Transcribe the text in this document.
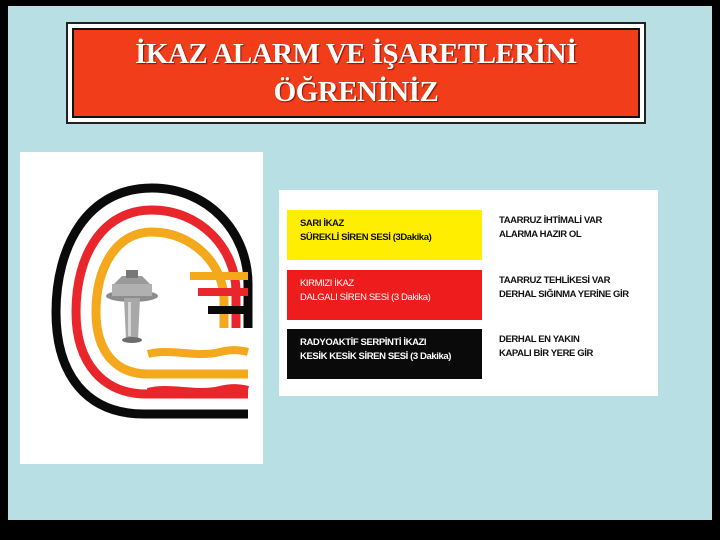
İKAZ ALARM VE İŞARETLERİNİ
ÖĞRENİNİZ
SARI İKAZ
SÜREKLİ SİREN SESİ (3Dakika)
TAARRUZ İHTİMALİ VAR
ALARMA HAZIR OL
KIRMIZI İKAZ
DALGALI SİREN SESİ (3 Dakika)
TAARRUZ TEHLİKESİ VAR
DERHAL SIĞINMA YERİNE GİR
RADYOAKTİF SERPİNTİ İKAZI
KESİK KESİK SİREN SESİ (3 Dakika)
DERHAL EN YAKIN
KAPALI BİR YERE GİR
